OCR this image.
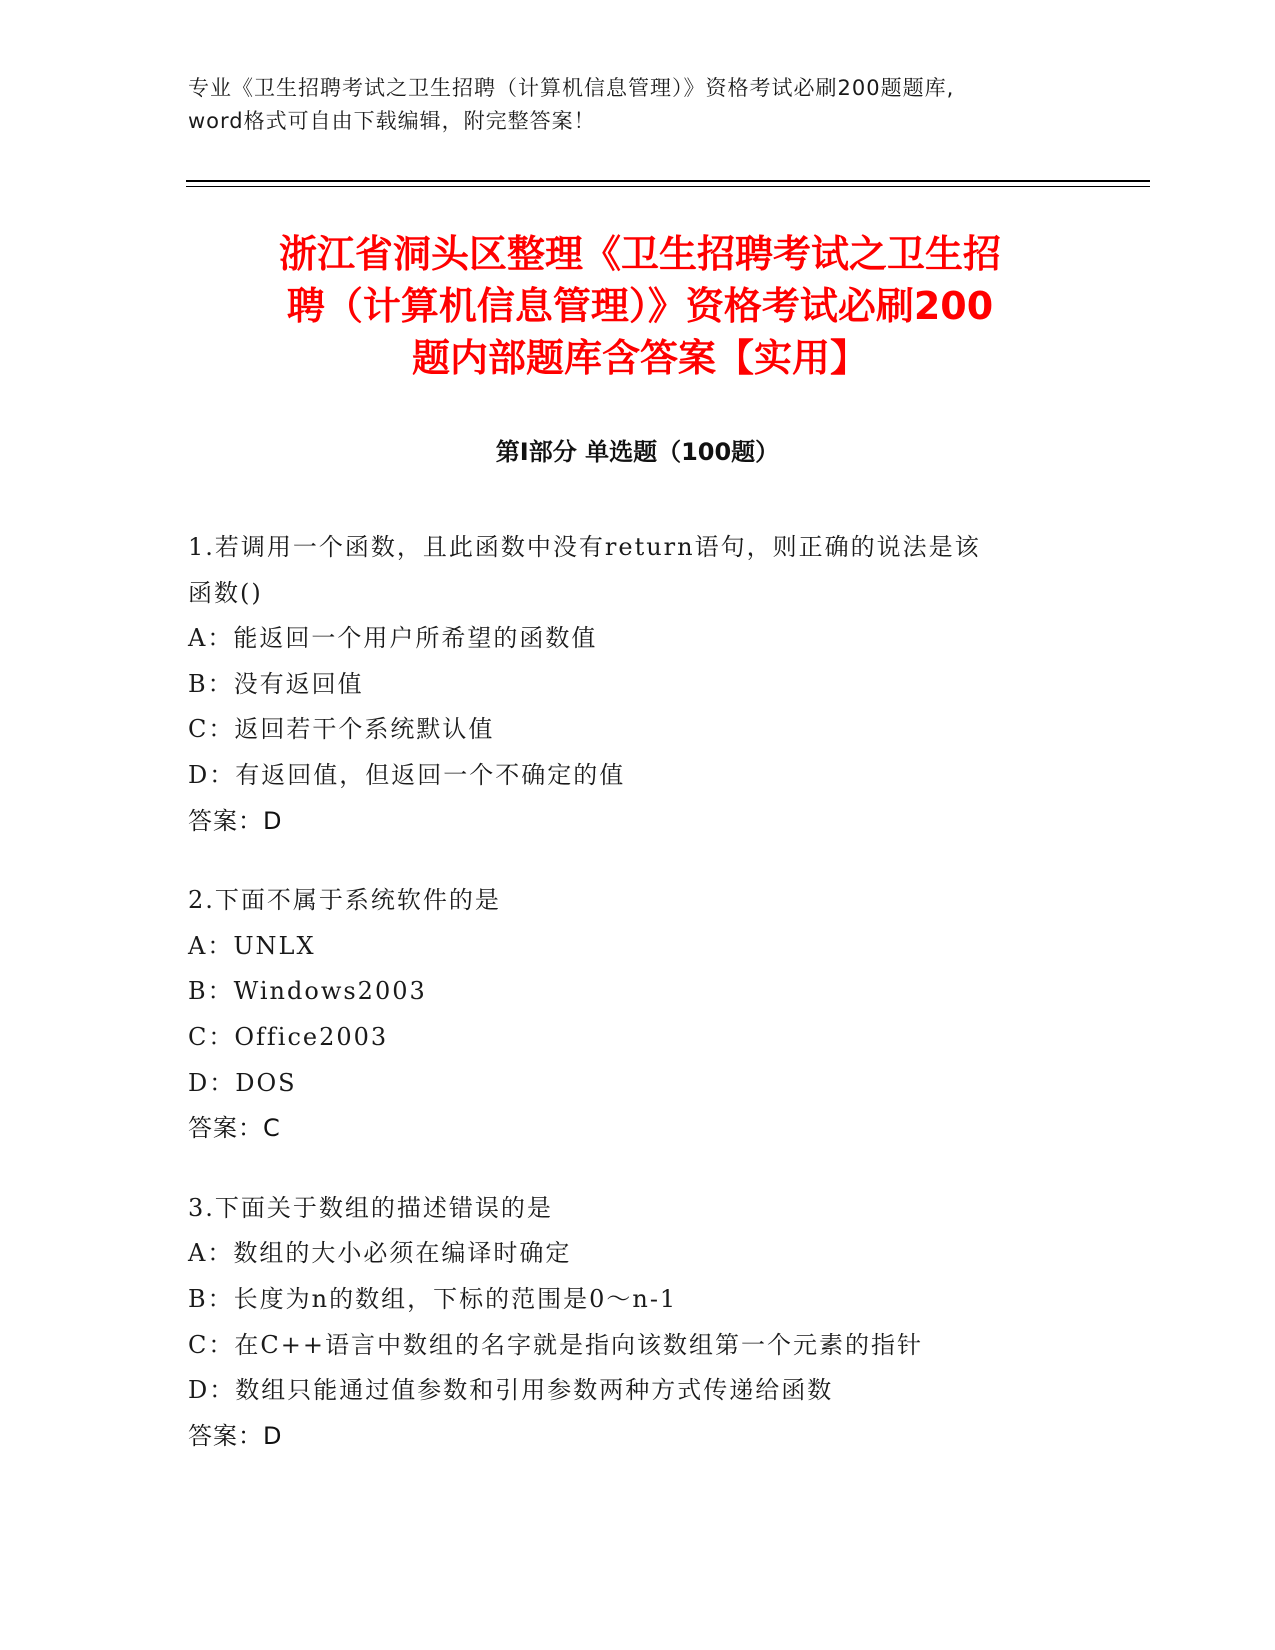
专业《卫生招聘考试之卫生招聘（计算机信息管理）》资格考试必刷200题题库,
word格式可自由下载编辑，附完整答案！
浙江省洞头区整理《卫生招聘考试之卫生招
聘（计算机信息管理）》资格考试必刷200
题内部题库含答案【实用】
第Ⅰ部分 单选题（100题）
1.若调用一个函数，且此函数中没有return语句，则正确的说法是该
函数()
A：能返回一个用户所希望的函数值
B：没有返回值
C：返回若干个系统默认值
D：有返回值，但返回一个不确定的值
答案：D
2.下面不属于系统软件的是
A：UNLX
B：Windows2003
C：Office2003
D：DOS
答案：C
3.下面关于数组的描述错误的是
A：数组的大小必须在编译时确定
B：长度为n的数组，下标的范围是0～n-1
C：在C++语言中数组的名字就是指向该数组第一个元素的指针
D：数组只能通过值参数和引用参数两种方式传递给函数
答案：D
